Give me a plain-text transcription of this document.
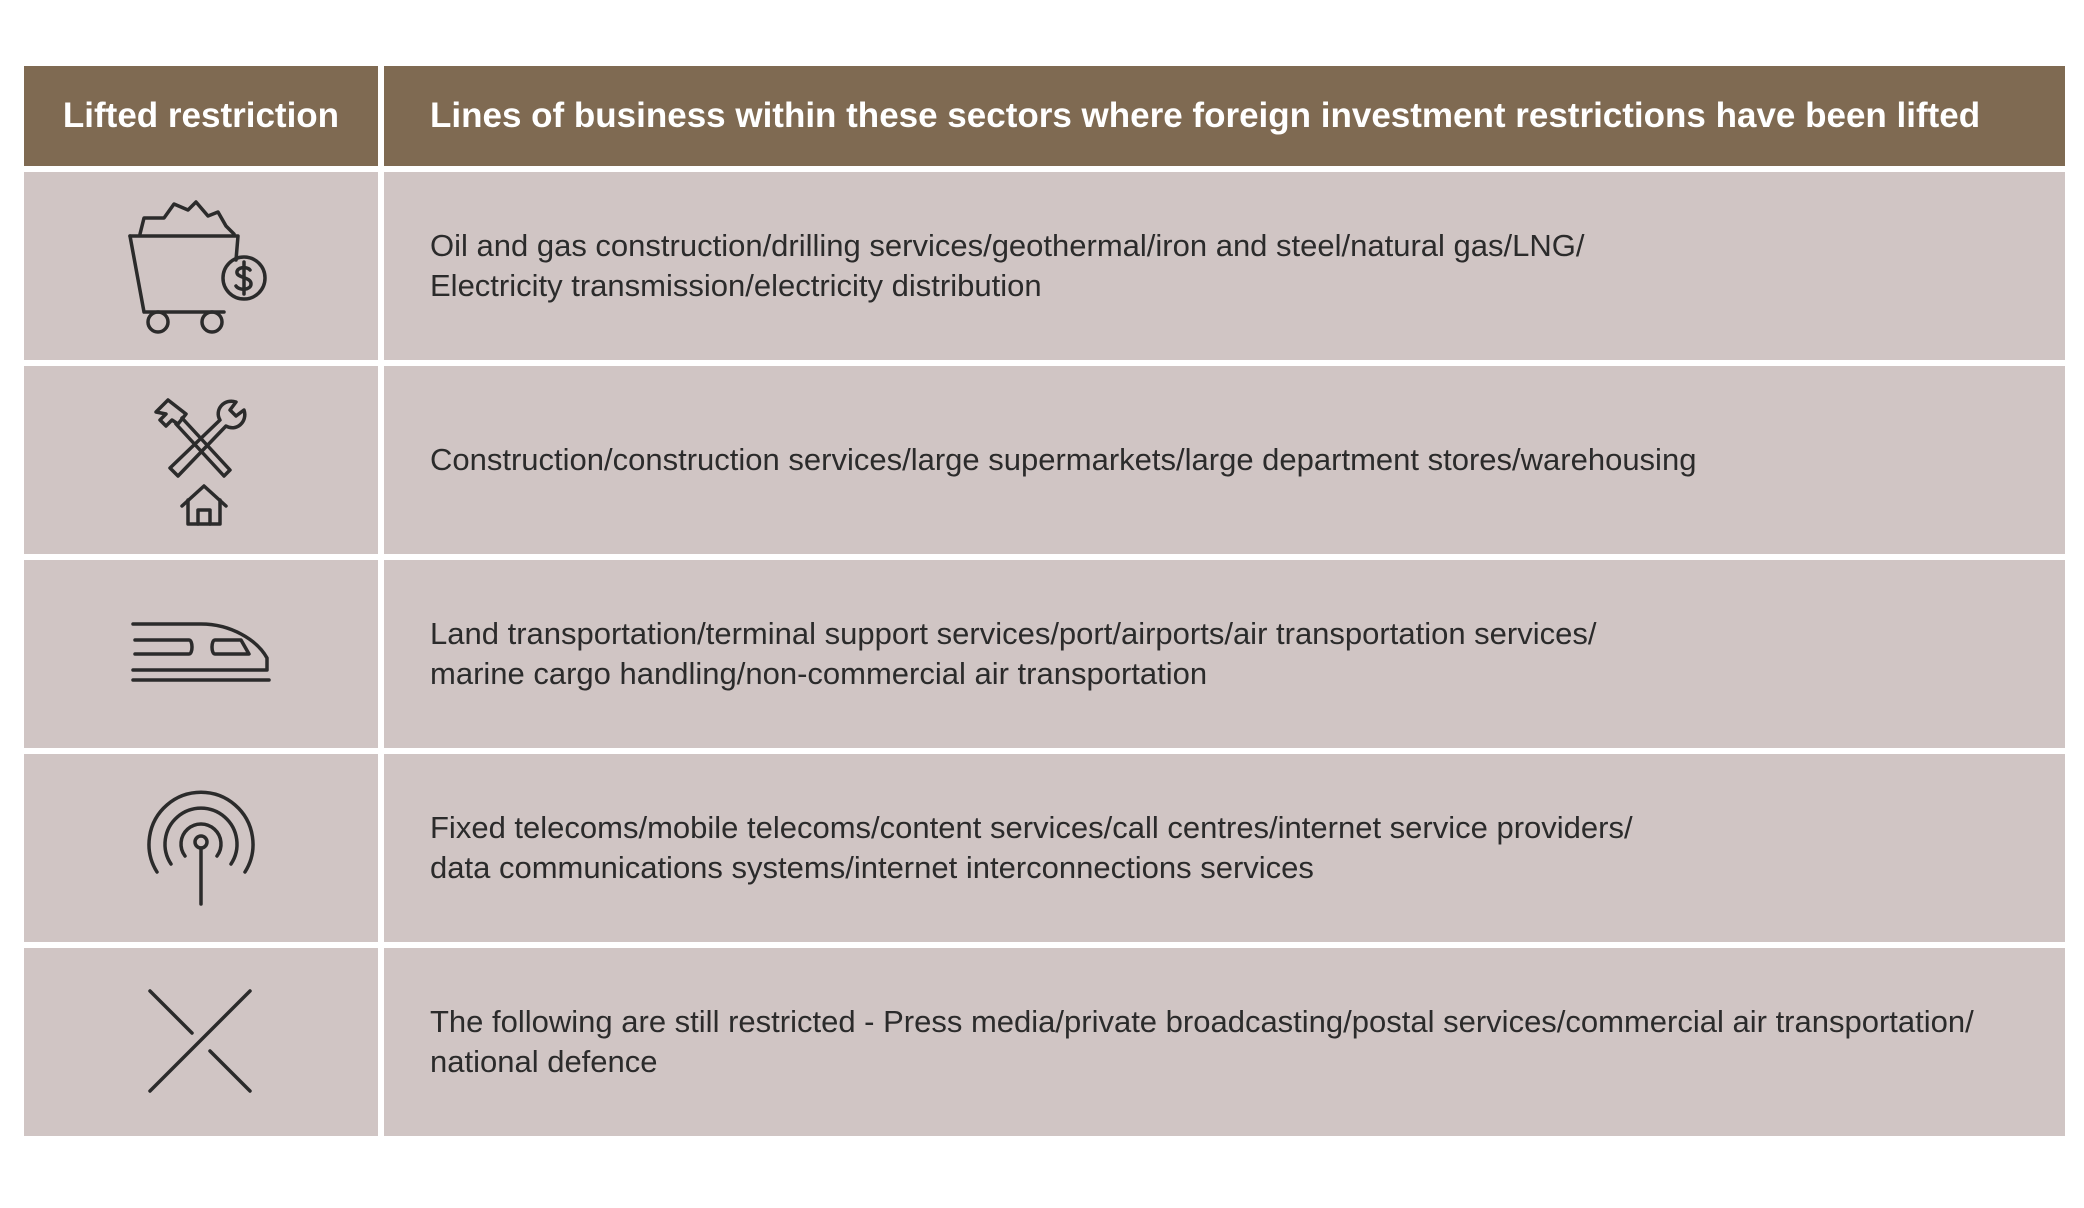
Lifted restriction	Lines of business within these sectors where foreign investment restrictions have been lifted
Oil and gas construction/drilling services/geothermal/iron and steel/natural gas/LNG/
Electricity transmission/electricity distribution
Construction/construction services/large supermarkets/large department stores/warehousing
Land transportation/terminal support services/port/airports/air transportation services/
marine cargo handling/non-commercial air transportation
Fixed telecoms/mobile telecoms/content services/call centres/internet service providers/
data communications systems/internet interconnections services
The following are still restricted - Press media/private broadcasting/postal services/commercial air transportation/
national defence
